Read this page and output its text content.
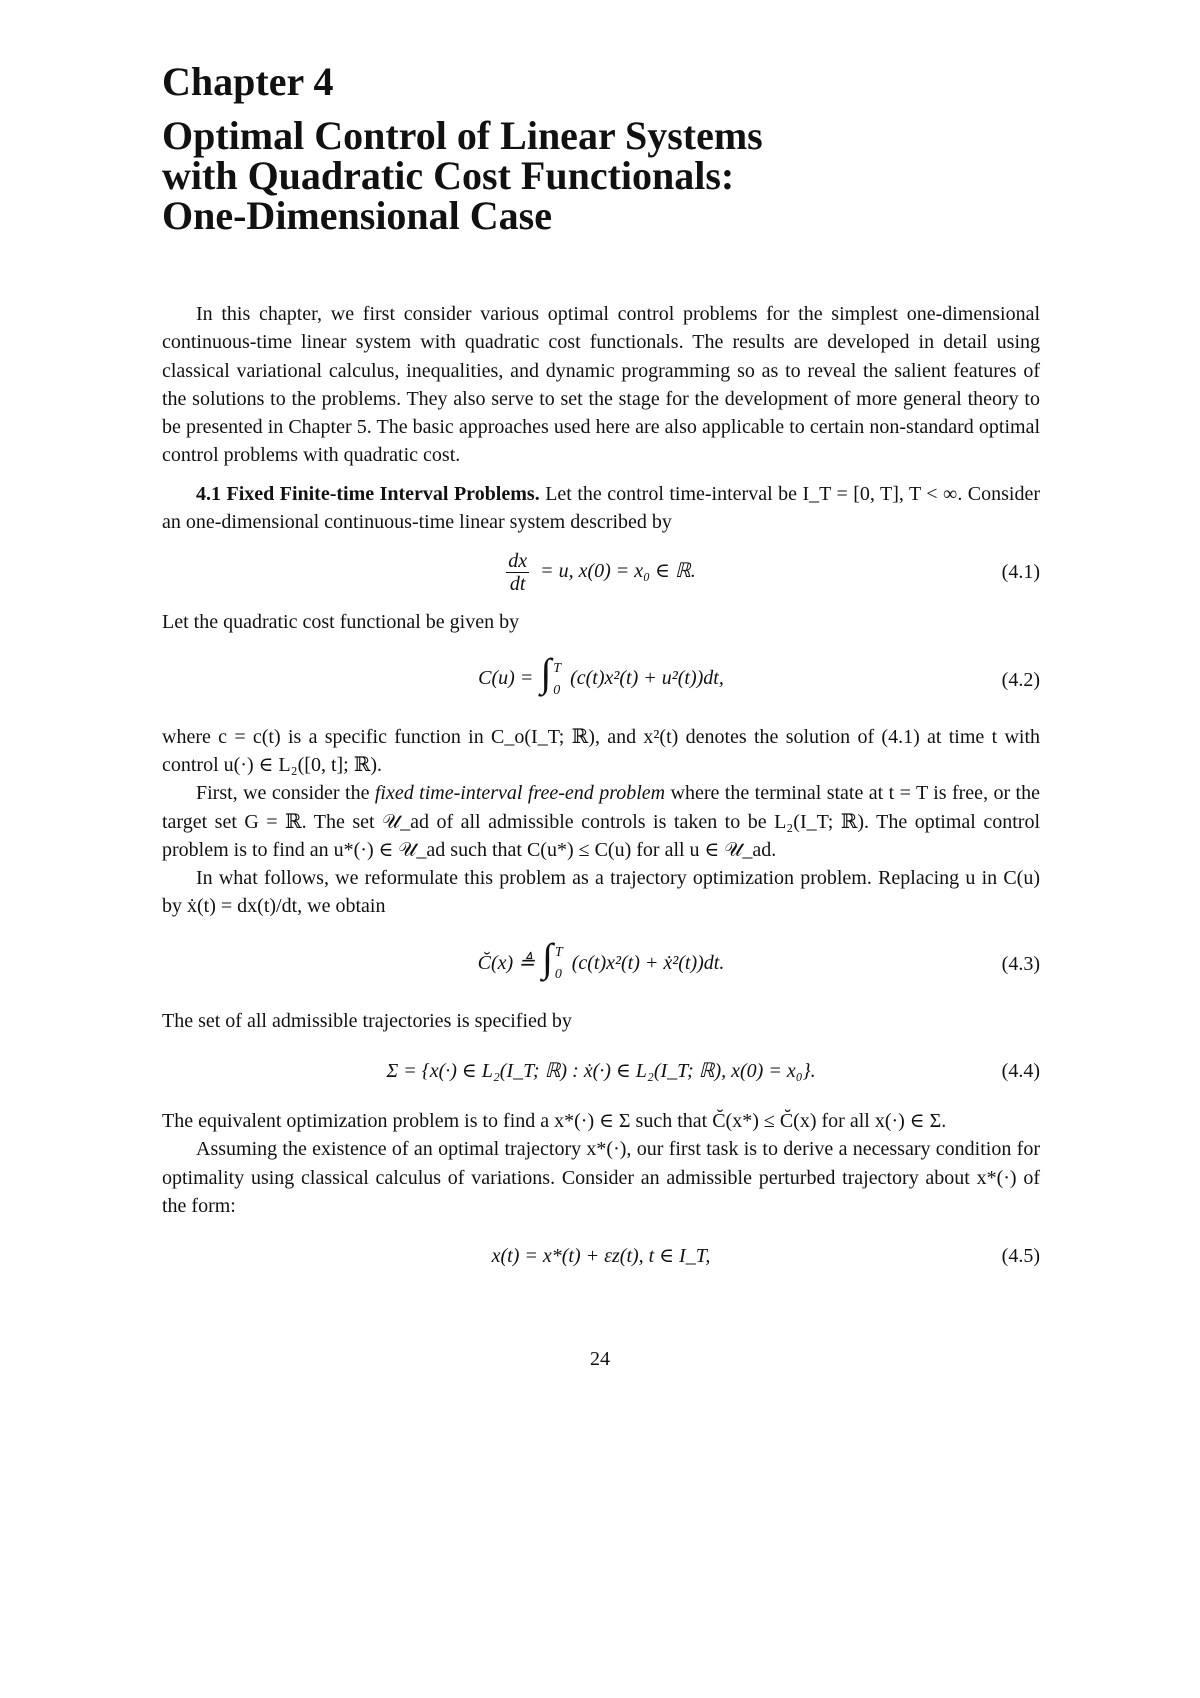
Chapter 4
Optimal Control of Linear Systems
with Quadratic Cost Functionals:
One-Dimensional Case

In this chapter, we first consider various optimal control problems for the simplest one-dimensional continuous-time linear system with quadratic cost functionals. The results are developed in detail using classical variational calculus, inequalities, and dynamic programming so as to reveal the salient features of the solutions to the problems. They also serve to set the stage for the development of more general theory to be presented in Chapter 5. The basic approaches used here are also applicable to certain non-standard optimal control problems with quadratic cost.

4.1 Fixed Finite-time Interval Problems. Let the control time-interval be I_T = [0, T], T < ∞. Consider an one-dimensional continuous-time linear system described by

$\frac{dx}{dt} = u$, x(0) = x₀ ∈ ℝ.	(4.1)

Let the quadratic cost functional be given by

C(u) = ∫ T
0
(c(t)x²(t) + u²(t))dt,	(4.2)

where c = c(t) is a specific function in C_o(I_T; ℝ), and x²(t) denotes the solution of (4.1) at time t with control u(·) ∈ L₂([0, t]; ℝ).

First, we consider the fixed time-interval free-end problem where the terminal state at t = T is free, or the target set G = ℝ. The set 𝒰_ad of all admissible controls is taken to be L₂(I_T; ℝ). The optimal control problem is to find an u*(·) ∈ 𝒰_ad such that C(u*) ≤ C(u) for all u ∈ 𝒰_ad.

In what follows, we reformulate this problem as a trajectory optimization problem. Replacing u in C(u) by ẋ(t) = dx(t)/dt, we obtain

C̆(x) ≜ ∫ T
0
(c(t)x²(t) + ẋ²(t))dt.	(4.3)

The set of all admissible trajectories is specified by

Σ = {x(·) ∈ L₂(I_T; ℝ) : ẋ(·) ∈ L₂(I_T; ℝ), x(0) = x₀}.	(4.4)

The equivalent optimization problem is to find a x*(·) ∈ Σ such that C̆(x*) ≤ C̆(x) for all x(·) ∈ Σ.

Assuming the existence of an optimal trajectory x*(·), our first task is to derive a necessary condition for optimality using classical calculus of variations. Consider an admissible perturbed trajectory about x*(·) of the form:

x(t) = x*(t) + εz(t), t ∈ I_T,	(4.5)
24
